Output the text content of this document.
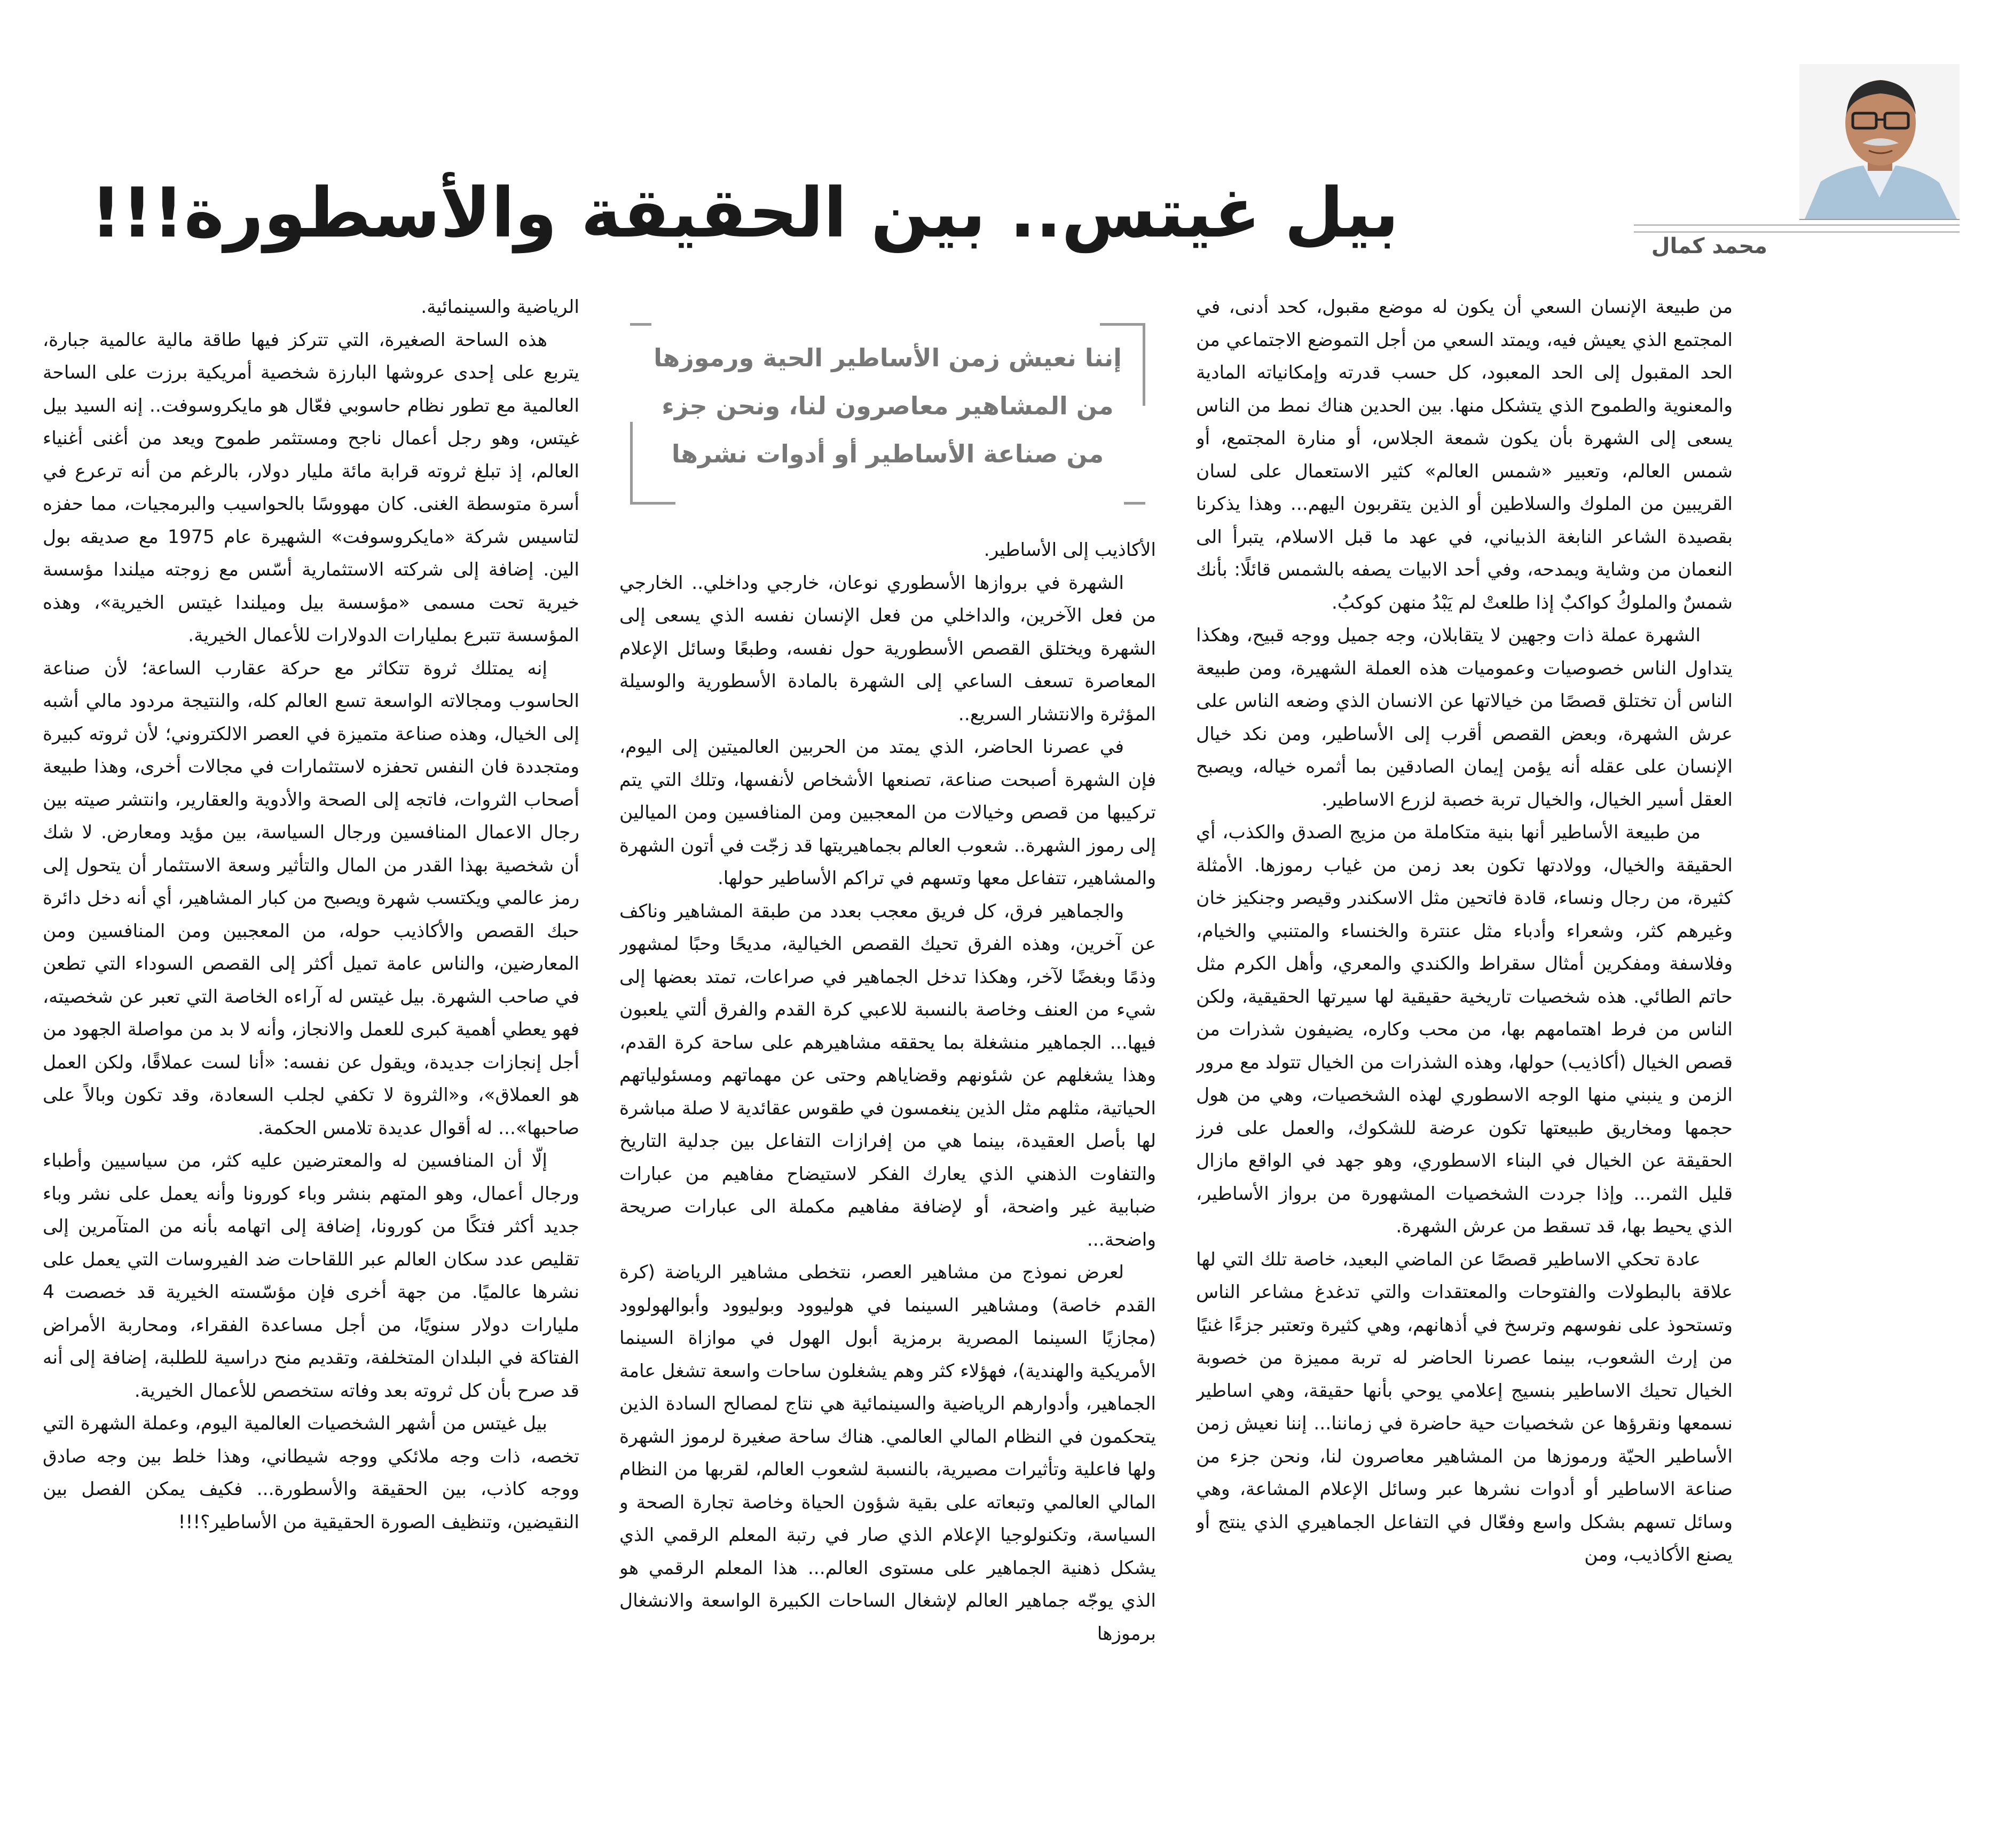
محمد كمال
بيل غيتس.. بين الحقيقة والأسطورة!!!

من طبيعة الإنسان السعي أن يكون له موضع مقبول، كحد أدنى، في المجتمع الذي يعيش فيه، ويمتد السعي من أجل التموضع الاجتماعي من الحد المقبول إلى الحد المعبود، كل حسب قدرته وإمكانياته المادية والمعنوية والطموح الذي يتشكل منها. بين الحدين هناك نمط من الناس يسعى إلى الشهرة بأن يكون شمعة الجلاس، أو منارة المجتمع، أو شمس العالم، وتعبير «شمس العالم» كثير الاستعمال على لسان القريبين من الملوك والسلاطين أو الذين يتقربون اليهم... وهذا يذكرنا بقصيدة الشاعر النابغة الذبياني، في عهد ما قبل الاسلام، يتبرأ الى النعمان من وشاية ويمدحه، وفي أحد الابيات يصفه بالشمس قائلًا: بأنك شمسٌ والملوكُ كواكبٌ إذا طلعتْ لم يَبْدُ منهن كوكبُ.

الشهرة عملة ذات وجهين لا يتقابلان، وجه جميل ووجه قبيح، وهكذا يتداول الناس خصوصيات وعموميات هذه العملة الشهيرة، ومن طبيعة الناس أن تختلق قصصًا من خيالاتها عن الانسان الذي وضعه الناس على عرش الشهرة، وبعض القصص أقرب إلى الأساطير، ومن نكد خيال الإنسان على عقله أنه يؤمن إيمان الصادقين بما أثمره خياله، ويصبح العقل أسير الخيال، والخيال تربة خصبة لزرع الاساطير.

من طبيعة الأساطير أنها بنية متكاملة من مزيج الصدق والكذب، أي الحقيقة والخيال، وولادتها تكون بعد زمن من غياب رموزها. الأمثلة كثيرة، من رجال ونساء، قادة فاتحين مثل الاسكندر وقيصر وجنكيز خان وغيرهم كثر، وشعراء وأدباء مثل عنترة والخنساء والمتنبي والخيام، وفلاسفة ومفكرين أمثال سقراط والكندي والمعري، وأهل الكرم مثل حاتم الطائي. هذه شخصيات تاريخية حقيقية لها سيرتها الحقيقية، ولكن الناس من فرط اهتمامهم بها، من محب وكاره، يضيفون شذرات من قصص الخيال (أكاذيب) حولها، وهذه الشذرات من الخيال تتولد مع مرور الزمن و ينبني منها الوجه الاسطوري لهذه الشخصيات، وهي من هول حجمها ومخاريق طبيعتها تكون عرضة للشكوك، والعمل على فرز الحقيقة عن الخيال في البناء الاسطوري، وهو جهد في الواقع مازال قليل الثمر... وإذا جردت الشخصيات المشهورة من برواز الأساطير، الذي يحيط بها، قد تسقط من عرش الشهرة.

عادة تحكي الاساطير قصصًا عن الماضي البعيد، خاصة تلك التي لها علاقة بالبطولات والفتوحات والمعتقدات والتي تدغدغ مشاعر الناس وتستحوذ على نفوسهم وترسخ في أذهانهم، وهي كثيرة وتعتبر جزءًا غنيًا من إرث الشعوب، بينما عصرنا الحاضر له تربة مميزة من خصوبة الخيال تحيك الاساطير بنسيج إعلامي يوحي بأنها حقيقة، وهي اساطير نسمعها ونقرؤها عن شخصيات حية حاضرة في زماننا... إننا نعيش زمن الأساطير الحيّة ورموزها من المشاهير معاصرون لنا، ونحن جزء من صناعة الاساطير أو أدوات نشرها عبر وسائل الإعلام المشاعة، وهي وسائل تسهم بشكل واسع وفعّال في التفاعل الجماهيري الذي ينتج أو يصنع الأكاذيب، ومن

إننا نعيش زمن الأساطير الحية ورموزها من المشاهير معاصرون لنا، ونحن جزء من صناعة الأساطير أو أدوات نشرها

الأكاذيب إلى الأساطير.

الشهرة في بروازها الأسطوري نوعان، خارجي وداخلي.. الخارجي من فعل الآخرين، والداخلي من فعل الإنسان نفسه الذي يسعى إلى الشهرة ويختلق القصص الأسطورية حول نفسه، وطبعًا وسائل الإعلام المعاصرة تسعف الساعي إلى الشهرة بالمادة الأسطورية والوسيلة المؤثرة والانتشار السريع..

في عصرنا الحاضر، الذي يمتد من الحربين العالميتين إلى اليوم، فإن الشهرة أصبحت صناعة، تصنعها الأشخاص لأنفسها، وتلك التي يتم تركيبها من قصص وخيالات من المعجبين ومن المنافسين ومن الميالين إلى رموز الشهرة.. شعوب العالم بجماهيريتها قد زجّت في أتون الشهرة والمشاهير، تتفاعل معها وتسهم في تراكم الأساطير حولها.

والجماهير فرق، كل فريق معجب بعدد من طبقة المشاهير وناكف عن آخرين، وهذه الفرق تحيك القصص الخيالية، مديحًا وحبًا لمشهور وذمًا وبغضًا لآخر، وهكذا تدخل الجماهير في صراعات، تمتد بعضها إلى شيء من العنف وخاصة بالنسبة للاعبي كرة القدم والفرق ألتي يلعبون فيها... الجماهير منشغلة بما يحققه مشاهيرهم على ساحة كرة القدم، وهذا يشغلهم عن شئونهم وقضاياهم وحتى عن مهماتهم ومسئولياتهم الحياتية، مثلهم مثل الذين ينغمسون في طقوس عقائدية لا صلة مباشرة لها بأصل العقيدة، بينما هي من إفرازات التفاعل بين جدلية التاريخ والتفاوت الذهني الذي يعارك الفكر لاستيضاح مفاهيم من عبارات ضبابية غير واضحة، أو لإضافة مفاهيم مكملة الى عبارات صريحة واضحة...

لعرض نموذج من مشاهير العصر، نتخطى مشاهير الرياضة (كرة القدم خاصة) ومشاهير السينما في هوليوود وبوليوود وأبوالهولوود (مجازيًا السينما المصرية برمزية أبول الهول في موازاة السينما الأمريكية والهندية)، فهؤلاء كثر وهم يشغلون ساحات واسعة تشغل عامة الجماهير، وأدوارهم الرياضية والسينمائية هي نتاج لمصالح السادة الذين يتحكمون في النظام المالي العالمي. هناك ساحة صغيرة لرموز الشهرة ولها فاعلية وتأثيرات مصيرية، بالنسبة لشعوب العالم، لقربها من النظام المالي العالمي وتبعاته على بقية شؤون الحياة وخاصة تجارة الصحة و السياسة، وتكنولوجيا الإعلام الذي صار في رتبة المعلم الرقمي الذي يشكل ذهنية الجماهير على مستوى العالم... هذا المعلم الرقمي هو الذي يوجّه جماهير العالم لإشغال الساحات الكبيرة الواسعة والانشغال برموزها

الرياضية والسينمائية.

هذه الساحة الصغيرة، التي تتركز فيها طاقة مالية عالمية جبارة، يتربع على إحدى عروشها البارزة شخصية أمريكية برزت على الساحة العالمية مع تطور نظام حاسوبي فعّال هو مايكروسوفت.. إنه السيد بيل غيتس، وهو رجل أعمال ناجح ومستثمر طموح ويعد من أغنى أغنياء العالم، إذ تبلغ ثروته قرابة مائة مليار دولار، بالرغم من أنه ترعرع في أسرة متوسطة الغنى. كان مهووسًا بالحواسيب والبرمجيات، مما حفزه لتاسيس شركة «مايكروسوفت» الشهيرة عام 1975 مع صديقه بول الين. إضافة إلى شركته الاستثمارية أسّس مع زوجته ميلندا مؤسسة خيرية تحت مسمى «مؤسسة بيل وميلندا غيتس الخيرية»، وهذه المؤسسة تتبرع بمليارات الدولارات للأعمال الخيرية.

إنه يمتلك ثروة تتكاثر مع حركة عقارب الساعة؛ لأن صناعة الحاسوب ومجالاته الواسعة تسع العالم كله، والنتيجة مردود مالي أشبه إلى الخيال، وهذه صناعة متميزة في العصر الالكتروني؛ لأن ثروته كبيرة ومتجددة فان النفس تحفزه لاستثمارات في مجالات أخرى، وهذا طبيعة أصحاب الثروات، فاتجه إلى الصحة والأدوية والعقارير، وانتشر صيته بين رجال الاعمال المنافسين ورجال السياسة، بين مؤيد ومعارض. لا شك أن شخصية بهذا القدر من المال والتأثير وسعة الاستثمار أن يتحول إلى رمز عالمي ويكتسب شهرة ويصبح من كبار المشاهير، أي أنه دخل دائرة حبك القصص والأكاذيب حوله، من المعجبين ومن المنافسين ومن المعارضين، والناس عامة تميل أكثر إلى القصص السوداء التي تطعن في صاحب الشهرة. بيل غيتس له آراءه الخاصة التي تعبر عن شخصيته، فهو يعطي أهمية كبرى للعمل والانجاز، وأنه لا بد من مواصلة الجهود من أجل إنجازات جديدة، ويقول عن نفسه: «أنا لست عملاقًا، ولكن العمل هو العملاق»، و«الثروة لا تكفي لجلب السعادة، وقد تكون وبالاً على صاحبها»... له أقوال عديدة تلامس الحكمة.

إلّا أن المنافسين له والمعترضين عليه كثر، من سياسيين وأطباء ورجال أعمال، وهو المتهم بنشر وباء كورونا وأنه يعمل على نشر وباء جديد أكثر فتكًا من كورونا، إضافة إلى اتهامه بأنه من المتآمرين إلى تقليص عدد سكان العالم عبر اللقاحات ضد الفيروسات التي يعمل على نشرها عالميًا. من جهة أخرى فإن مؤسّسته الخيرية قد خصصت 4 مليارات دولار سنويًا، من أجل مساعدة الفقراء، ومحاربة الأمراض الفتاكة في البلدان المتخلفة، وتقديم منح دراسية للطلبة، إضافة إلى أنه قد صرح بأن كل ثروته بعد وفاته ستخصص للأعمال الخيرية.

بيل غيتس من أشهر الشخصيات العالمية اليوم، وعملة الشهرة التي تخصه، ذات وجه ملائكي ووجه شيطاني، وهذا خلط بين وجه صادق ووجه كاذب، بين الحقيقة والأسطورة... فكيف يمكن الفصل بين النقيضين، وتنظيف الصورة الحقيقية من الأساطير؟!!!
